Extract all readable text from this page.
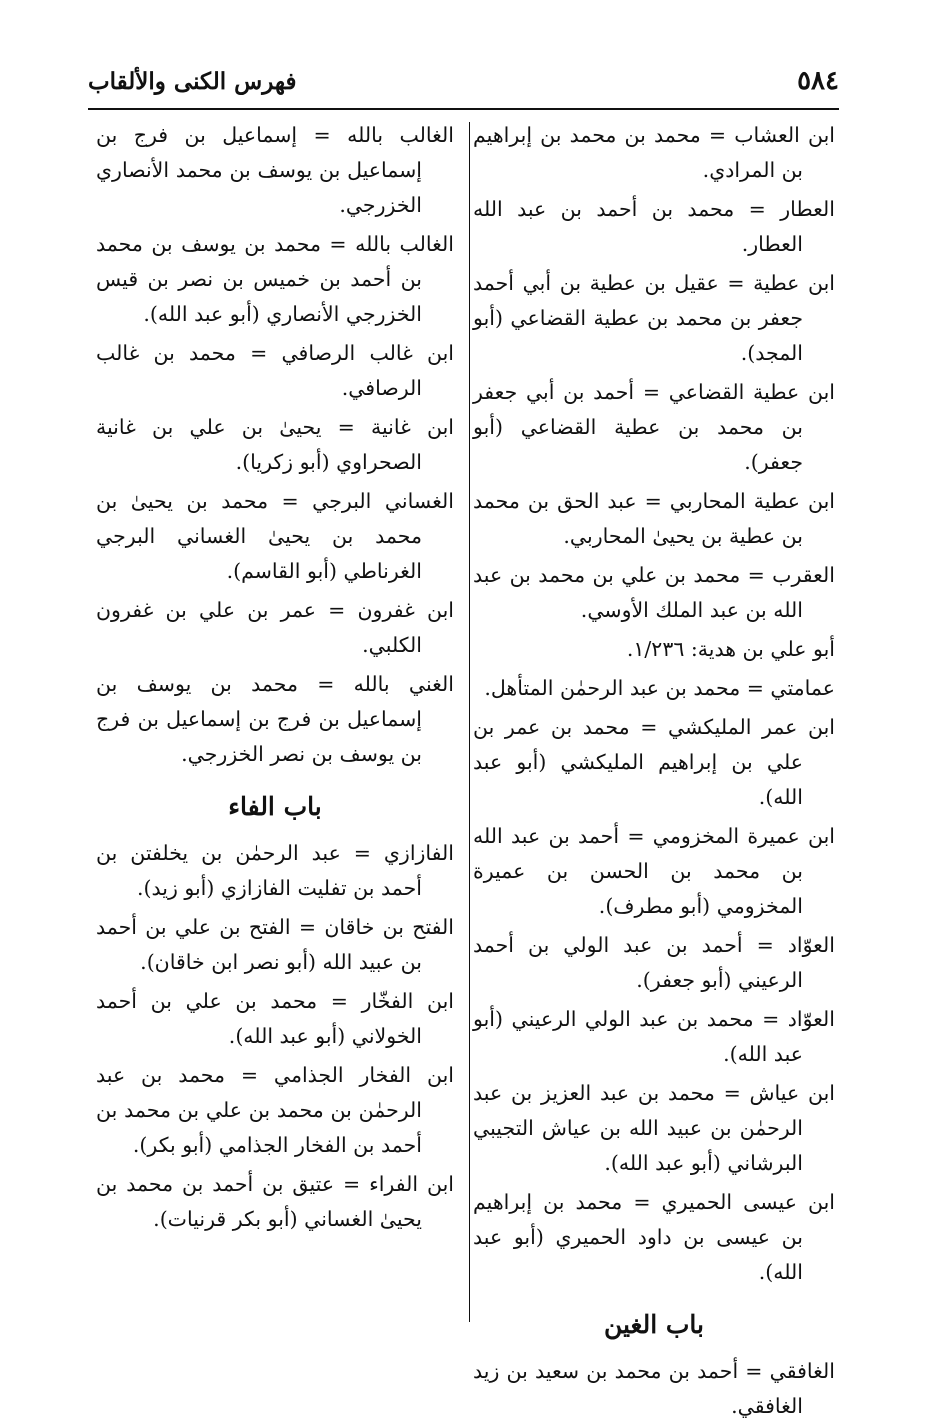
٥٨٤
فهرس الكنى والألقاب

ابن العشاب = محمد بن محمد بن إبراهيم بن المرادي.

العطار = محمد بن أحمد بن عبد الله العطار.

ابن عطية = عقيل بن عطية بن أبي أحمد جعفر بن محمد بن عطية القضاعي (أبو المجد).

ابن عطية القضاعي = أحمد بن أبي جعفر بن محمد بن عطية القضاعي (أبو جعفر).

ابن عطية المحاربي = عبد الحق بن محمد بن عطية بن يحيىٰ المحاربي.

العقرب = محمد بن علي بن محمد بن عبد الله بن عبد الملك الأوسي.

أبو علي بن هدية: ١/٢٣٦.

عمامتي = محمد بن عبد الرحمٰن المتأهل.

ابن عمر المليكشي = محمد بن عمر بن علي بن إبراهيم المليكشي (أبو عبد الله).

ابن عميرة المخزومي = أحمد بن عبد الله بن محمد بن الحسن بن عميرة المخزومي (أبو مطرف).

العوّاد = أحمد بن عبد الولي بن أحمد الرعيني (أبو جعفر).

العوّاد = محمد بن عبد الولي الرعيني (أبو عبد الله).

ابن عياش = محمد بن عبد العزيز بن عبد الرحمٰن بن عبيد الله بن عياش التجيبي البرشاني (أبو عبد الله).

ابن عيسى الحميري = محمد بن إبراهيم بن عيسى بن داود الحميري (أبو عبد الله).

باب الغين

الغافقي = أحمد بن محمد بن سعيد بن زيد الغافقي.

الغالب بالله = إسماعيل بن فرج بن إسماعيل بن يوسف بن محمد الأنصاري الخزرجي.

الغالب بالله = محمد بن يوسف بن محمد بن أحمد بن خميس بن نصر بن قيس الخزرجي الأنصاري (أبو عبد الله).

ابن غالب الرصافي = محمد بن غالب الرصافي.

ابن غانية = يحيىٰ بن علي بن غانية الصحراوي (أبو زكريا).

الغساني البرجي = محمد بن يحيىٰ بن محمد بن يحيىٰ الغساني البرجي الغرناطي (أبو القاسم).

ابن غفرون = عمر بن علي بن غفرون الكلبي.

الغني بالله = محمد بن يوسف بن إسماعيل بن فرج بن إسماعيل بن فرج بن يوسف بن نصر الخزرجي.

باب الفاء

الفازازي = عبد الرحمٰن بن يخلفتن بن أحمد بن تفليت الفازازي (أبو زيد).

الفتح بن خاقان = الفتح بن علي بن أحمد بن عبيد الله (أبو نصر ابن خاقان).

ابن الفخّار = محمد بن علي بن أحمد الخولاني (أبو عبد الله).

ابن الفخار الجذامي = محمد بن عبد الرحمٰن بن محمد بن علي بن محمد بن أحمد بن الفخار الجذامي (أبو بكر).

ابن الفراء = عتيق بن أحمد بن محمد بن يحيىٰ الغساني (أبو بكر قرنيات).
